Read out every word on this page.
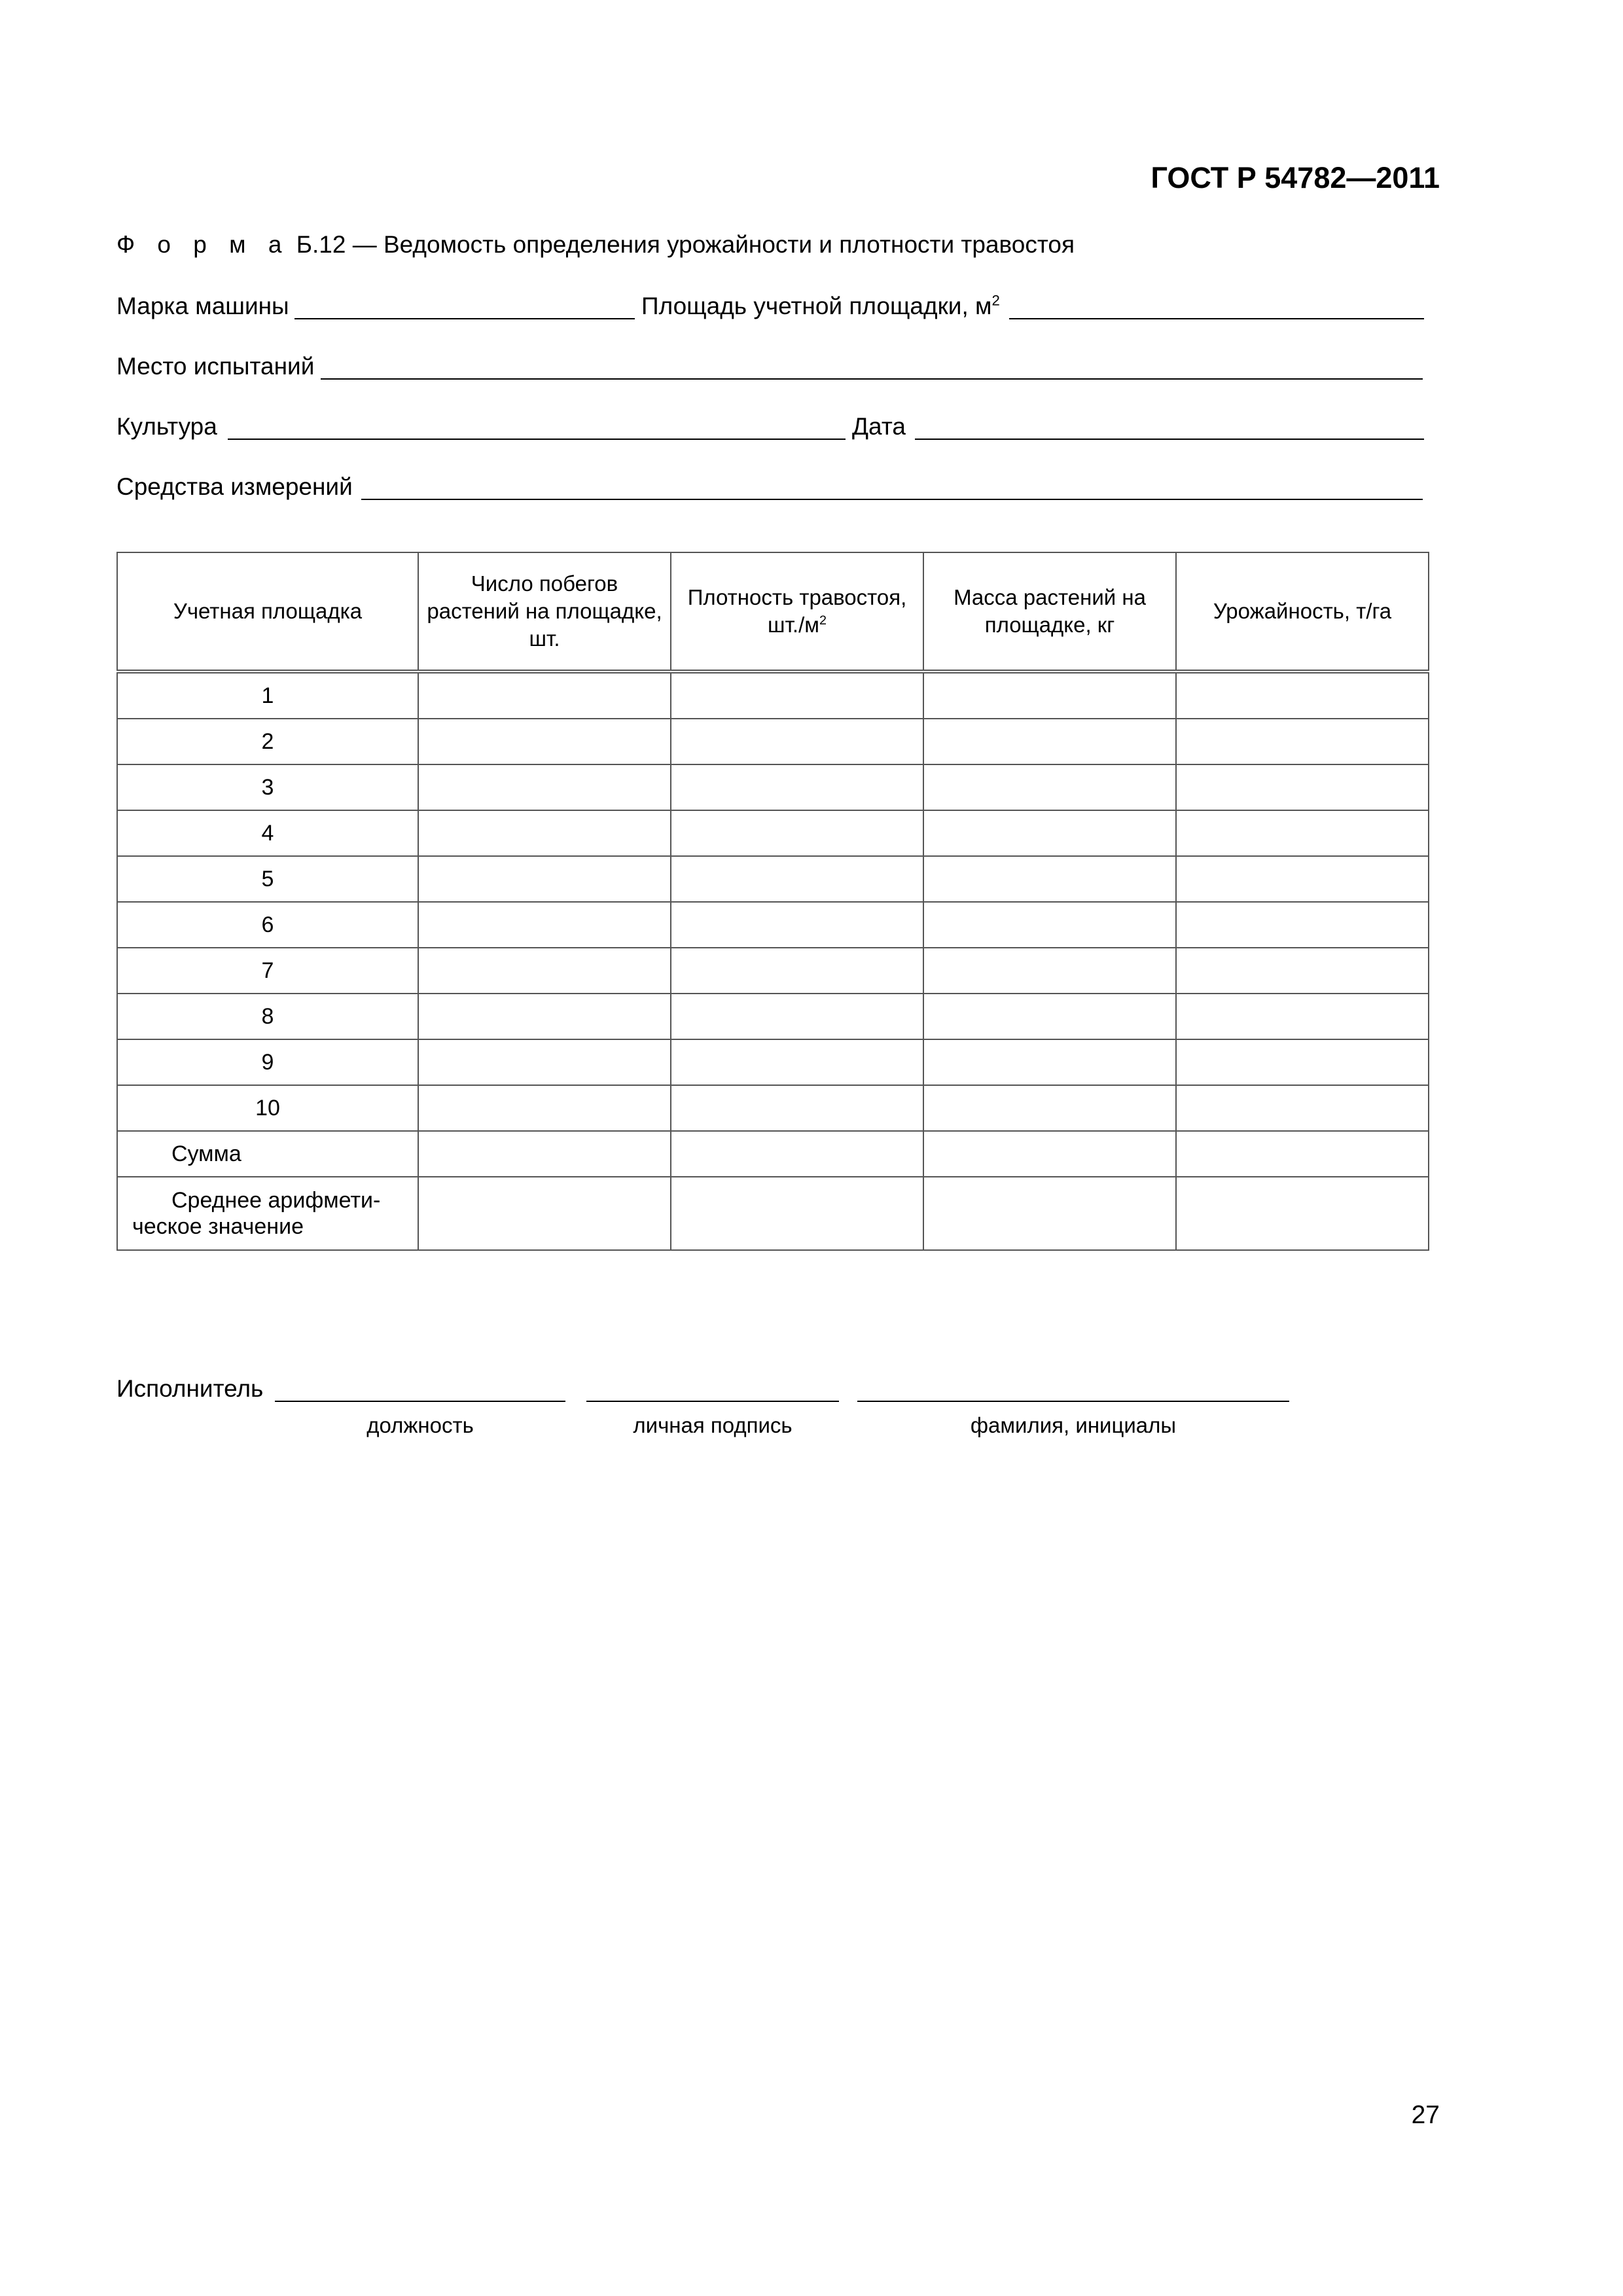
ГОСТ Р 54782—2011
Ф о р м а Б.12 — Ведомость определения урожайности и плотности травостоя
Марка машины	Площадь учетной площадки, $м^2$
Место испытаний
Культура	Дата
Средства измерений
Учетная площадка	Число побегов растений на площадке, шт.	Плотность травостоя, $шт./м^2$	Масса растений на площадке, кг	Урожайность, т/га
1				
2				
3				
4				
5				
6				
7				
8				
9				
10				
Сумма				
Среднее арифмети-ческое значение				
Исполнитель
должность	личная подпись	фамилия, инициалы
27
